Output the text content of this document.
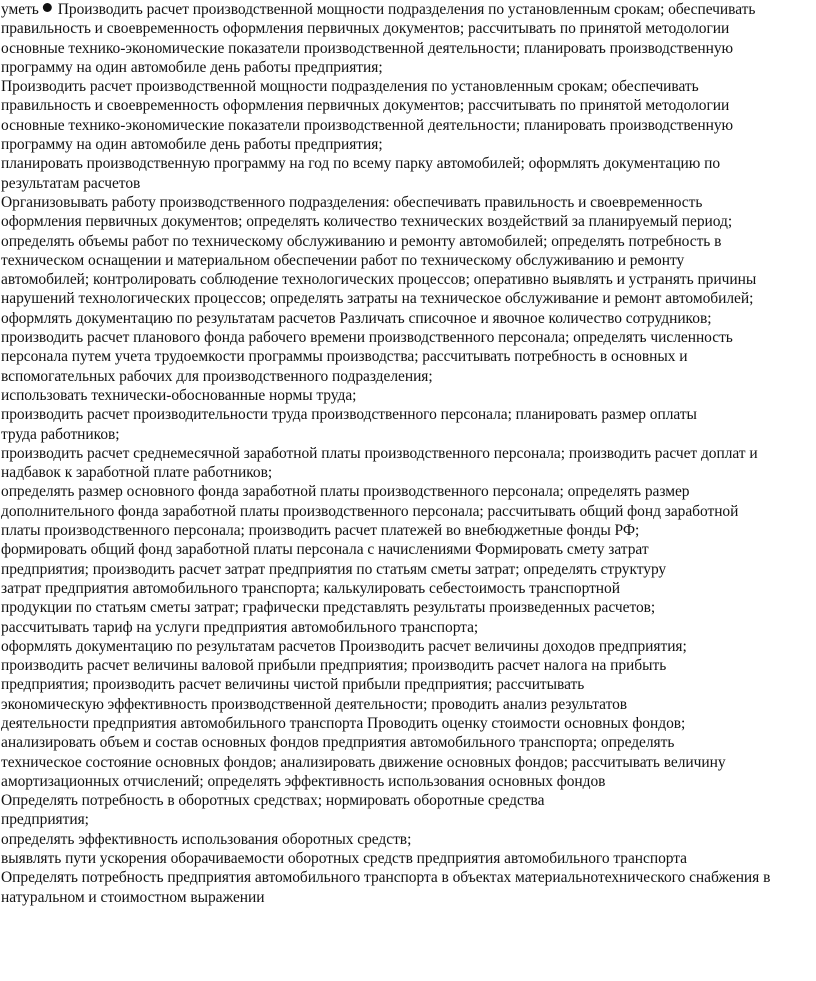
уметь Производить расчет производственной мощности подразделения по установленным срокам; обеспечивать
правильность и своевременность оформления первичных документов; рассчитывать по принятой методологии
основные технико-экономические показатели производственной деятельности; планировать производственную
программу на один автомобиле день работы предприятия;
Производить расчет производственной мощности подразделения по установленным срокам; обеспечивать
правильность и своевременность оформления первичных документов; рассчитывать по принятой методологии
основные технико-экономические показатели производственной деятельности; планировать производственную
программу на один автомобиле день работы предприятия;
планировать производственную программу на год по всему парку автомобилей; оформлять документацию по
результатам расчетов
Организовывать работу производственного подразделения: обеспечивать правильность и своевременность
оформления первичных документов; определять количество технических воздействий за планируемый период;
определять объемы работ по техническому обслуживанию и ремонту автомобилей; определять потребность в
техническом оснащении и материальном обеспечении работ по техническому обслуживанию и ремонту
автомобилей; контролировать соблюдение технологических процессов; оперативно выявлять и устранять причины
нарушений технологических процессов; определять затраты на техническое обслуживание и ремонт автомобилей;
оформлять документацию по результатам расчетов Различать списочное и явочное количество сотрудников;
производить расчет планового фонда рабочего времени производственного персонала; определять численность
персонала путем учета трудоемкости программы производства; рассчитывать потребность в основных и
вспомогательных рабочих для производственного подразделения;
использовать технически-обоснованные нормы труда;
производить расчет производительности труда производственного персонала; планировать размер оплаты
труда работников;
производить расчет среднемесячной заработной платы производственного персонала; производить расчет доплат и
надбавок к заработной плате работников;
определять размер основного фонда заработной платы производственного персонала; определять размер
дополнительного фонда заработной платы производственного персонала; рассчитывать общий фонд заработной
платы производственного персонала; производить расчет платежей во внебюджетные фонды РФ;
формировать общий фонд заработной платы персонала с начислениями Формировать смету затрат
предприятия; производить расчет затрат предприятия по статьям сметы затрат; определять структуру
затрат предприятия автомобильного транспорта; калькулировать себестоимость транспортной
продукции по статьям сметы затрат; графически представлять результаты произведенных расчетов;
рассчитывать тариф на услуги предприятия автомобильного транспорта;
оформлять документацию по результатам расчетов Производить расчет величины доходов предприятия;
производить расчет величины валовой прибыли предприятия; производить расчет налога на прибыть
предприятия; производить расчет величины чистой прибыли предприятия; рассчитывать
экономическую эффективность производственной деятельности; проводить анализ результатов
деятельности предприятия автомобильного транспорта Проводить оценку стоимости основных фондов;
анализировать объем и состав основных фондов предприятия автомобильного транспорта; определять
техническое состояние основных фондов; анализировать движение основных фондов; рассчитывать величину
амортизационных отчислений; определять эффективность использования основных фондов
Определять потребность в оборотных средствах; нормировать оборотные средства
предприятия;
определять эффективность использования оборотных средств;
выявлять пути ускорения оборачиваемости оборотных средств предприятия автомобильного транспорта
Определять потребность предприятия автомобильного транспорта в объектах материальнотехнического снабжения в
натуральном и стоимостном выражении
